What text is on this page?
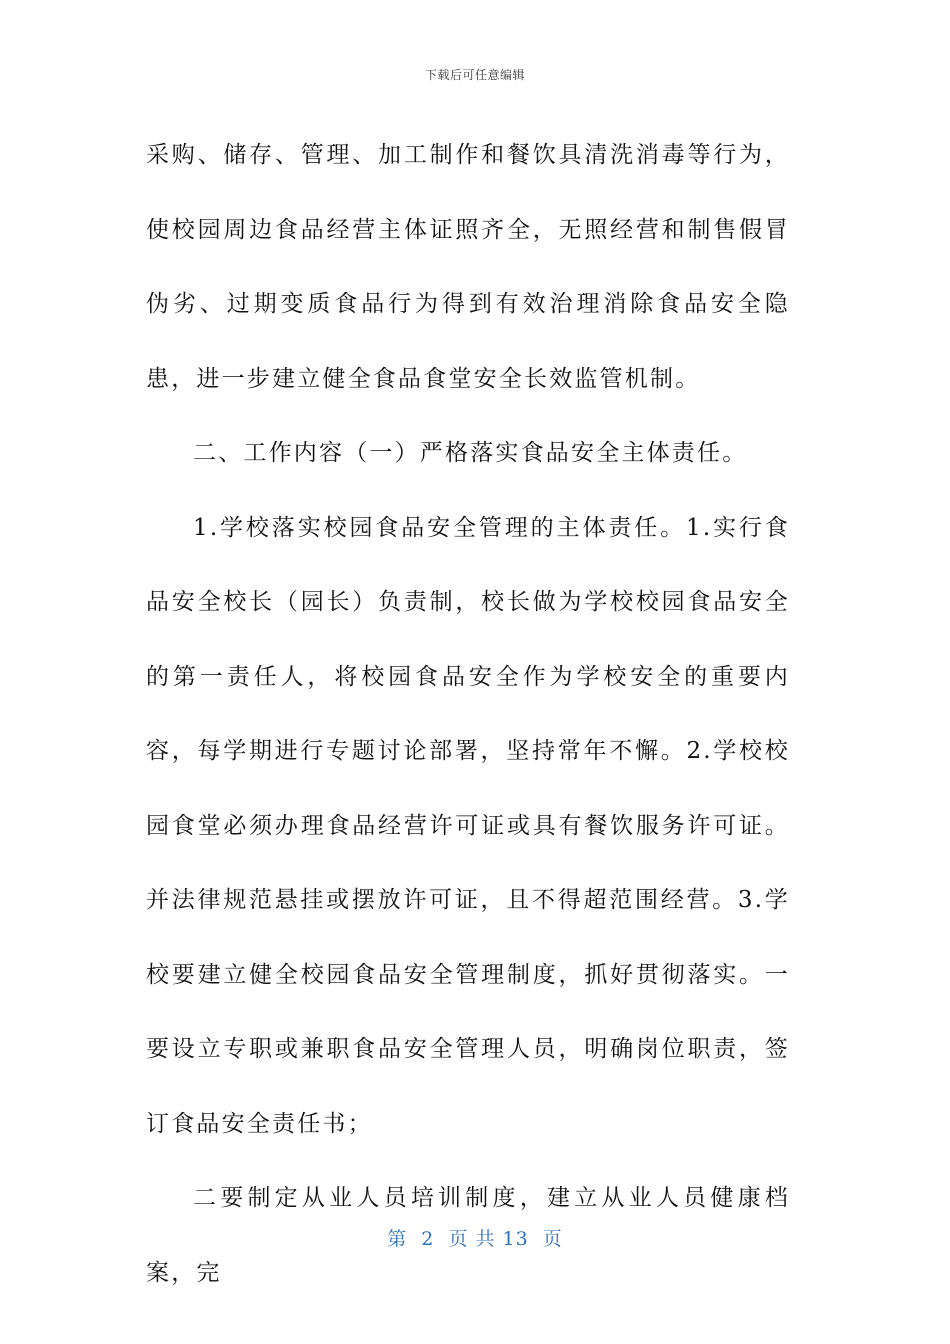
下载后可任意编辑

采购、储存、管理、加工制作和餐饮具清洗消毒等行为，使校园周边食品经营主体证照齐全，无照经营和制售假冒伪劣、过期变质食品行为得到有效治理消除食品安全隐患，进一步建立健全食品食堂安全长效监管机制。

二、工作内容（一）严格落实食品安全主体责任。

1.学校落实校园食品安全管理的主体责任。1.实行食品安全校长（园长）负责制，校长做为学校校园食品安全的第一责任人，将校园食品安全作为学校安全的重要内容，每学期进行专题讨论部署，坚持常年不懈。2.学校校园食堂必须办理食品经营许可证或具有餐饮服务许可证。并法律规范悬挂或摆放许可证，且不得超范围经营。3.学校要建立健全校园食品安全管理制度，抓好贯彻落实。一要设立专职或兼职食品安全管理人员，明确岗位职责，签订食品安全责任书；

二要制定从业人员培训制度，建立从业人员健康档案，完

第  2  页 共 13  页
